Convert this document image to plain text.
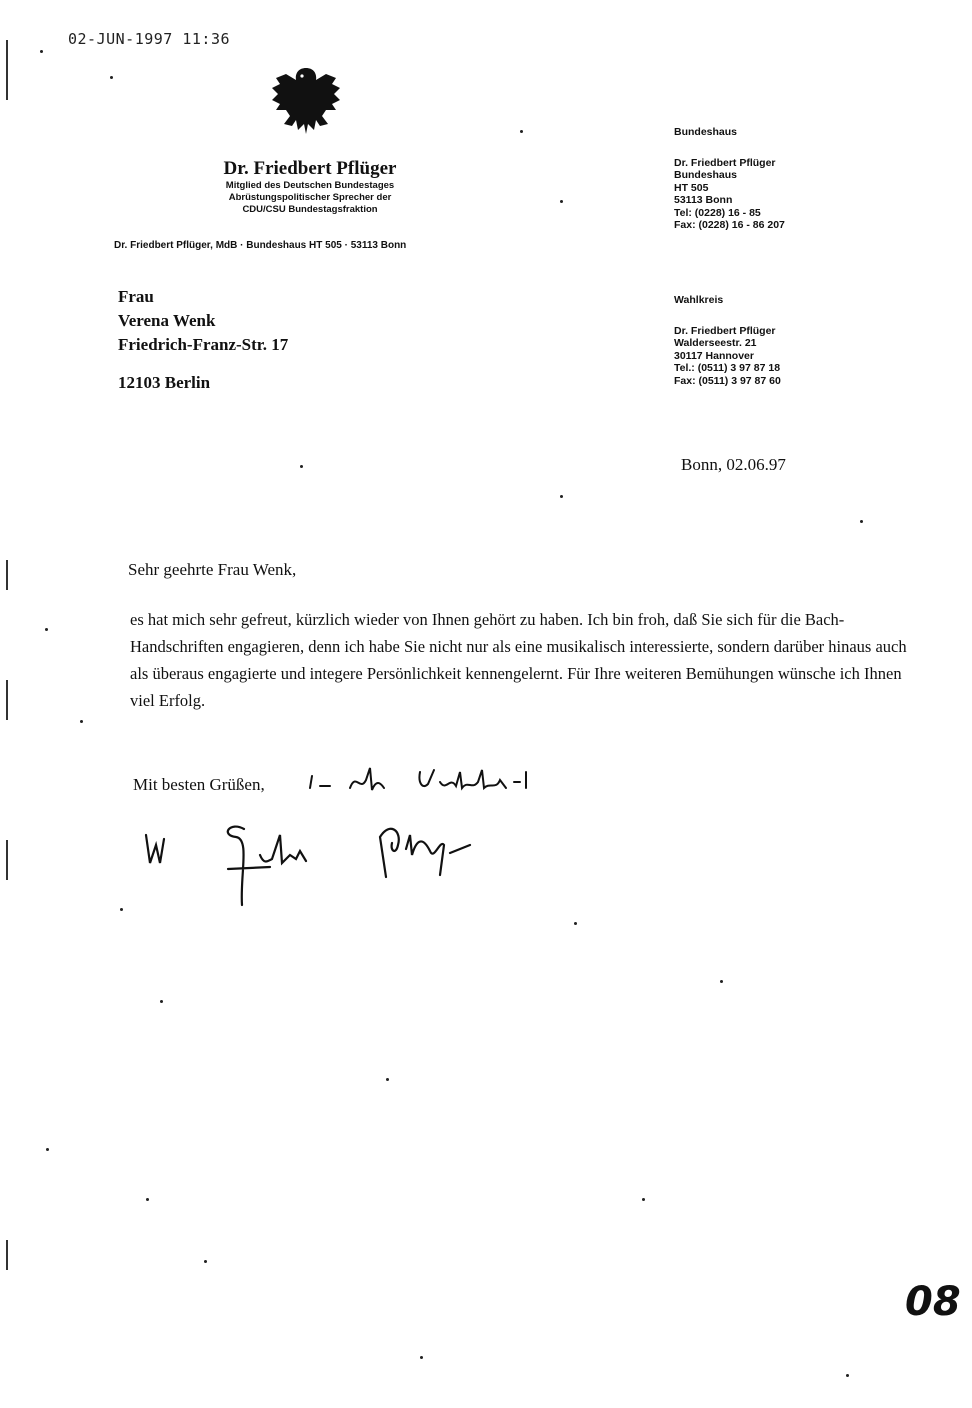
02-JUN-1997 11:36
Dr. Friedbert Pflüger
Mitglied des Deutschen Bundestages
Abrüstungspolitischer Sprecher der
CDU/CSU Bundestagsfraktion
Dr. Friedbert Pflüger, MdB · Bundeshaus HT 505 · 53113 Bonn
Bundeshaus
Dr. Friedbert Pflüger
Bundeshaus
HT 505
53113 Bonn
Tel: (0228) 16 - 85
Fax: (0228) 16 - 86 207
Wahlkreis
Dr. Friedbert Pflüger
Walderseestr. 21
30117 Hannover
Tel.: (0511) 3 97 87 18
Fax: (0511) 3 97 87 60
Frau
Verena Wenk
Friedrich-Franz-Str. 17
12103 Berlin
Bonn, 02.06.97
Sehr geehrte Frau Wenk,

es hat mich sehr gefreut, kürzlich wieder von Ihnen gehört zu haben. Ich bin froh, daß Sie sich für die Bach-Handschriften engagieren, denn ich habe Sie nicht nur als eine musikalisch interessierte, sondern darüber hinaus auch als überaus engagierte und integere Persönlichkeit kennengelernt. Für Ihre weiteren Bemühungen wünsche ich Ihnen viel Erfolg.

Mit besten Grüßen,
08
